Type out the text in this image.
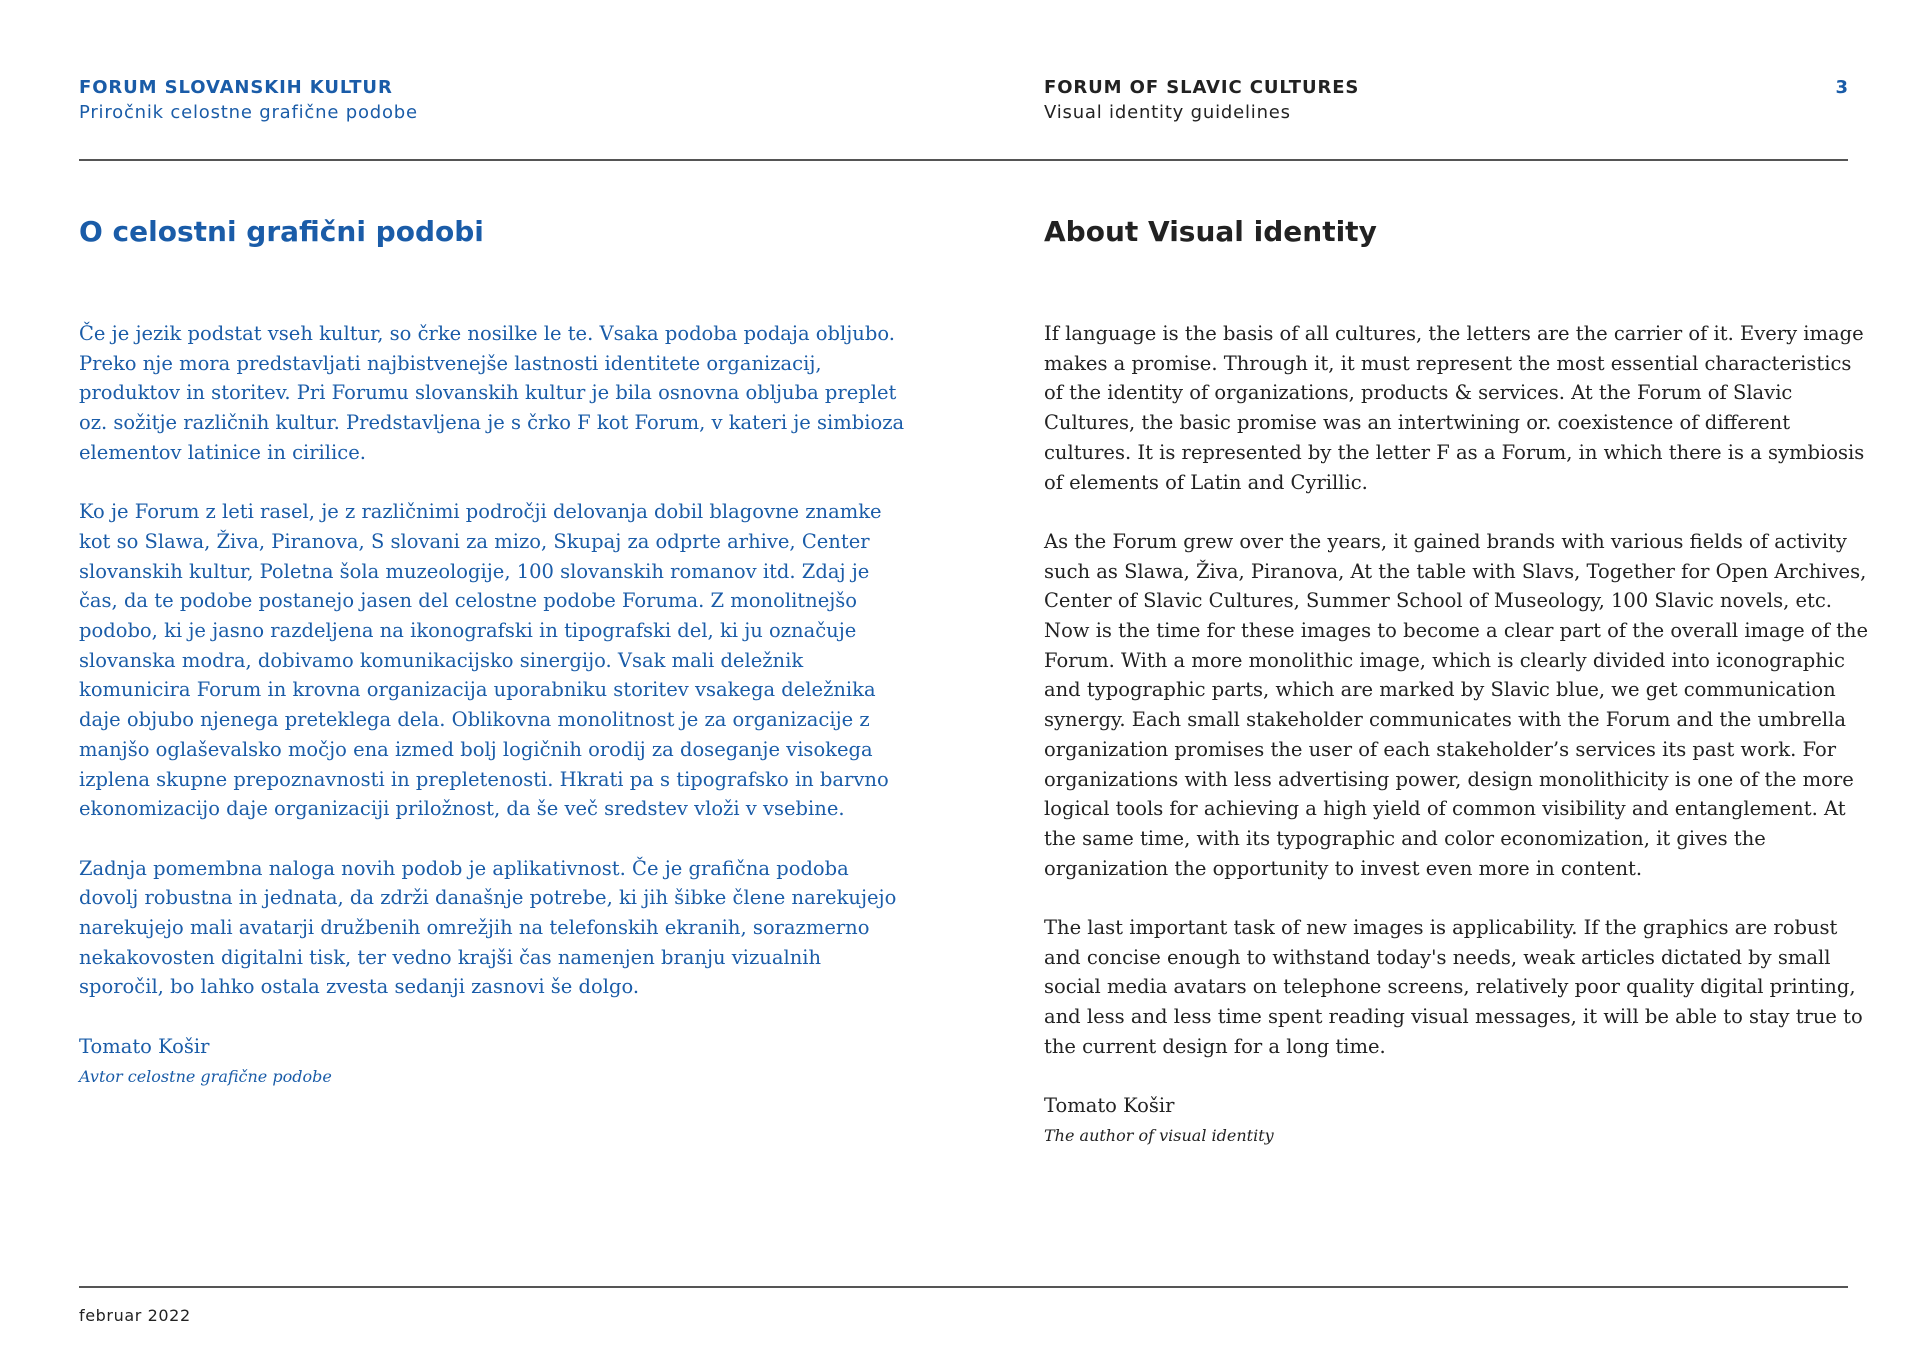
FORUM SLOVANSKIH KULTUR
Priročnik celostne grafične podobe
FORUM OF SLAVIC CULTURES
Visual identity guidelines
3
O celostni grafični podobi

Če je jezik podstat vseh kultur, so črke nosilke le te. Vsaka podoba podaja obljubo. Preko nje mora predstavljati najbistvenejše lastnosti identitete organizacij, produktov in storitev. Pri Forumu slovanskih kultur je bila osnovna obljuba preplet oz. sožitje različnih kultur. Predstavljena je s črko F kot Forum, v kateri je simbioza elementov latinice in cirilice.

Ko je Forum z leti rasel, je z različnimi področji delovanja dobil blagovne znamke kot so Slawa, Živa, Piranova, S slovani za mizo, Skupaj za odprte arhive, Center slovanskih kultur, Poletna šola muzeologije, 100 slovanskih romanov itd. Zdaj je čas, da te podobe postanejo jasen del celostne podobe Foruma. Z monolitnejšo podobo, ki je jasno razdeljena na ikonografski in tipografski del, ki ju označuje slovanska modra, dobivamo komunikacijsko sinergijo. Vsak mali deležnik komunicira Forum in krovna organizacija uporabniku storitev vsakega deležnika daje objubo njenega preteklega dela. Oblikovna monolitnost je za organizacije z manjšo oglaševalsko močjo ena izmed bolj logičnih orodij za doseganje visokega izplena skupne prepoznavnosti in prepletenosti. Hkrati pa s tipografsko in barvno ekonomizacijo daje organizaciji priložnost, da še več sredstev vloži v vsebine.

Zadnja pomembna naloga novih podob je aplikativnost. Če je grafična podoba dovolj robustna in jednata, da zdrži današnje potrebe, ki jih šibke člene narekujejo narekujejo mali avatarji družbenih omrežjih na telefonskih ekranih, sorazmerno nekakovosten digitalni tisk, ter vedno krajši čas namenjen branju vizualnih sporočil, bo lahko ostala zvesta sedanji zasnovi še dolgo.

Tomato Košir

Avtor celostne grafične podobe

About Visual identity

If language is the basis of all cultures, the letters are the carrier of it. Every image makes a promise. Through it, it must represent the most essential characteristics of the identity of organizations, products & services. At the Forum of Slavic Cultures, the basic promise was an intertwining or. coexistence of different cultures. It is represented by the letter F as a Forum, in which there is a symbiosis of elements of Latin and Cyrillic.

As the Forum grew over the years, it gained brands with various fields of activity such as Slawa, Živa, Piranova, At the table with Slavs, Together for Open Archives, Center of Slavic Cultures, Summer School of Museology, 100 Slavic novels, etc. Now is the time for these images to become a clear part of the overall image of the Forum. With a more monolithic image, which is clearly divided into iconographic and typographic parts, which are marked by Slavic blue, we get communication synergy. Each small stakeholder communicates with the Forum and the umbrella organization promises the user of each stakeholder’s services its past work. For organizations with less advertising power, design monolithicity is one of the more logical tools for achieving a high yield of common visibility and entanglement. At the same time, with its typographic and color economization, it gives the organization the opportunity to invest even more in content.

The last important task of new images is applicability. If the graphics are robust and concise enough to withstand today's needs, weak articles dictated by small social media avatars on telephone screens, relatively poor quality digital printing, and less and less time spent reading visual messages, it will be able to stay true to the current design for a long time.

Tomato Košir

The author of visual identity

februar 2022
